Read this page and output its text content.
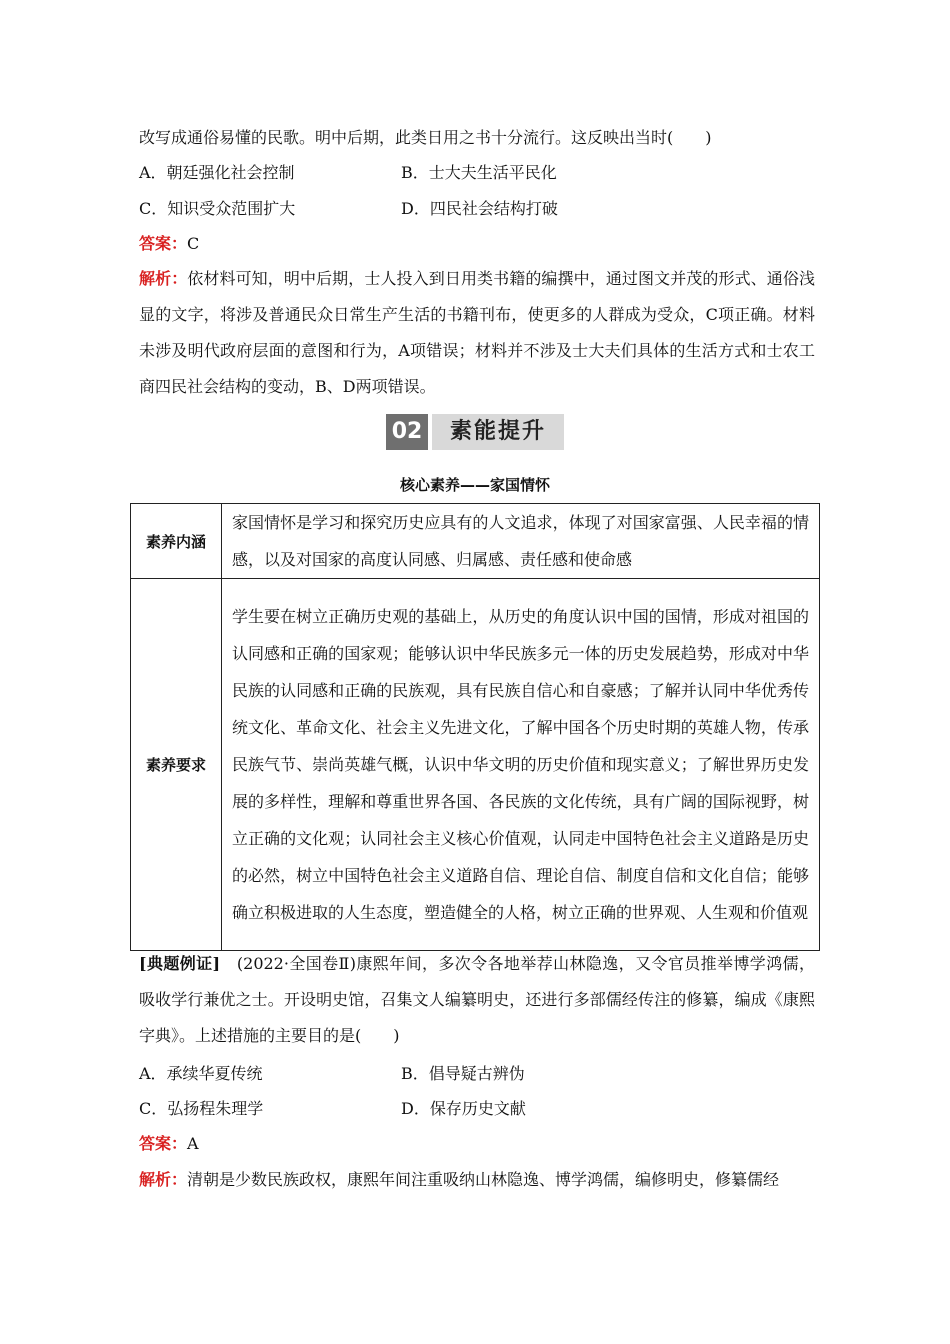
改写成通俗易懂的民歌。明中后期，此类日用之书十分流行。这反映出当时(　　)
A．朝廷强化社会控制	B．士大夫生活平民化
C．知识受众范围扩大	D．四民社会结构打破
答案：C
解析：依材料可知，明中后期，士人投入到日用类书籍的编撰中，通过图文并茂的形式、通俗浅显的文字，将涉及普通民众日常生产生活的书籍刊布，使更多的人群成为受众，C项正确。材料未涉及明代政府层面的意图和行为，A项错误；材料并不涉及士大夫们具体的生活方式和士农工商四民社会结构的变动，B、D两项错误。
02	素能提升
核心素养——家国情怀
素养内涵	家国情怀是学习和探究历史应具有的人文追求，体现了对国家富强、人民幸福的情感，以及对国家的高度认同感、归属感、责任感和使命感
素养要求	学生要在树立正确历史观的基础上，从历史的角度认识中国的国情，形成对祖国的认同感和正确的国家观；能够认识中华民族多元一体的历史发展趋势，形成对中华民族的认同感和正确的民族观，具有民族自信心和自豪感；了解并认同中华优秀传统文化、革命文化、社会主义先进文化，了解中国各个历史时期的英雄人物，传承民族气节、崇尚英雄气概，认识中华文明的历史价值和现实意义；了解世界历史发展的多样性，理解和尊重世界各国、各民族的文化传统，具有广阔的国际视野，树立正确的文化观；认同社会主义核心价值观，认同走中国特色社会主义道路是历史的必然，树立中国特色社会主义道路自信、理论自信、制度自信和文化自信；能够确立积极进取的人生态度，塑造健全的人格，树立正确的世界观、人生观和价值观
[典题例证]　(2022·全国卷Ⅱ)康熙年间，多次令各地举荐山林隐逸，又令官员推举博学鸿儒，吸收学行兼优之士。开设明史馆，召集文人编纂明史，还进行多部儒经传注的修纂，编成《康熙字典》。上述措施的主要目的是(　　)
A．承续华夏传统	B．倡导疑古辨伪
C．弘扬程朱理学	D．保存历史文献
答案：A
解析：清朝是少数民族政权，康熙年间注重吸纳山林隐逸、博学鸿儒，编修明史，修纂儒经
